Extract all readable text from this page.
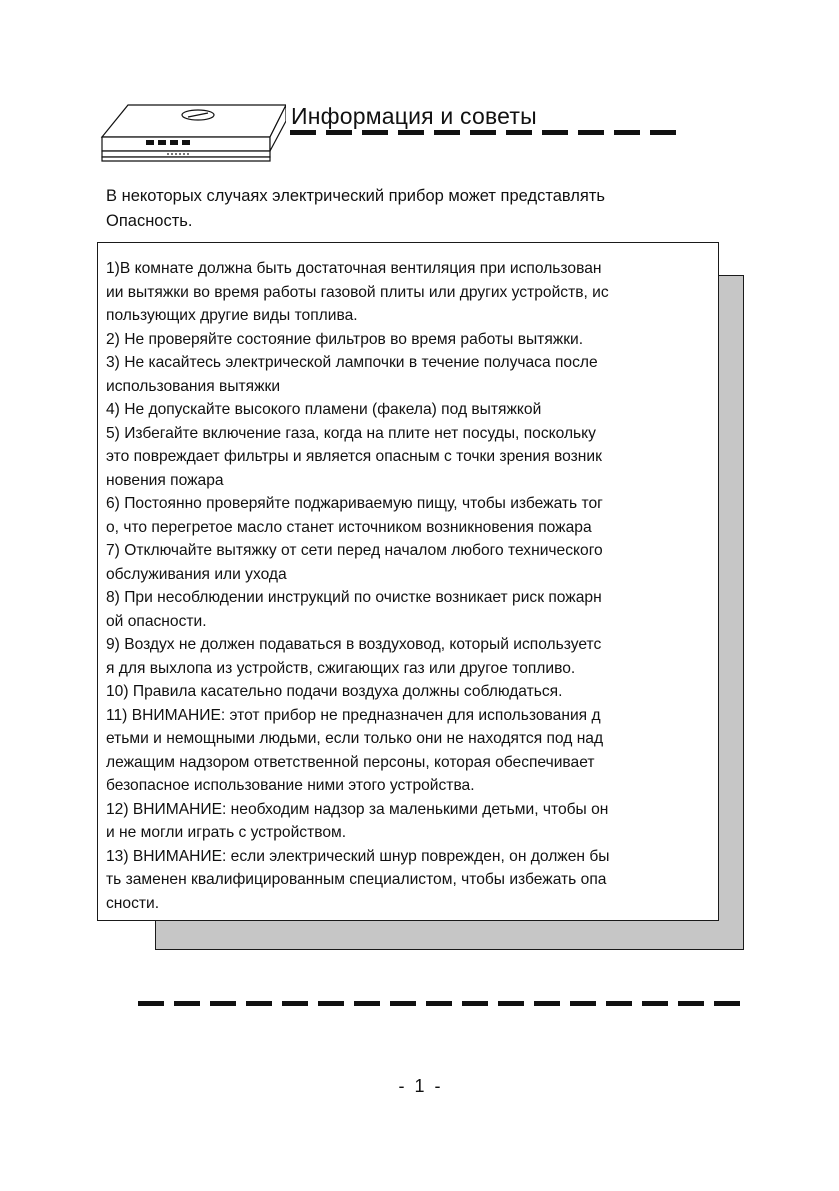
Информация и советы
В некоторых случаях электрический прибор может представлять
Опасность.
1)В комнате должна быть достаточная вентиляция при использован
ии вытяжки во время работы газовой плиты или других устройств, ис
пользующих другие виды топлива.
2) Не проверяйте состояние фильтров во время работы вытяжки.
3) Не касайтесь электрической лампочки в течение получаса после
использования вытяжки
4) Не допускайте высокого пламени (факела) под вытяжкой
5) Избегайте включение газа, когда на плите нет посуды, поскольку
это повреждает фильтры и является опасным с точки зрения возник
новения пожара
6) Постоянно проверяйте поджариваемую пищу, чтобы избежать тог
о, что перегретое масло станет источником возникновения пожара
7) Отключайте вытяжку от сети перед началом любого технического
обслуживания или ухода
8) При несоблюдении инструкций по очистке возникает риск пожарн
ой опасности.
9) Воздух не должен подаваться в воздуховод, который используетс
я для выхлопа из устройств, сжигающих газ или другое топливо.
10) Правила касательно подачи воздуха должны соблюдаться.
11) ВНИМАНИЕ: этот прибор не предназначен для использования д
етьми и немощными людьми, если только они не находятся под над
лежащим надзором ответственной персоны, которая обеспечивает
безопасное использование ними этого устройства.
12) ВНИМАНИЕ: необходим надзор за маленькими детьми, чтобы он
и не могли играть с устройством.
13) ВНИМАНИЕ: если электрический шнур поврежден, он должен бы
ть заменен квалифицированным специалистом, чтобы избежать опа
сности.
-  1  -
